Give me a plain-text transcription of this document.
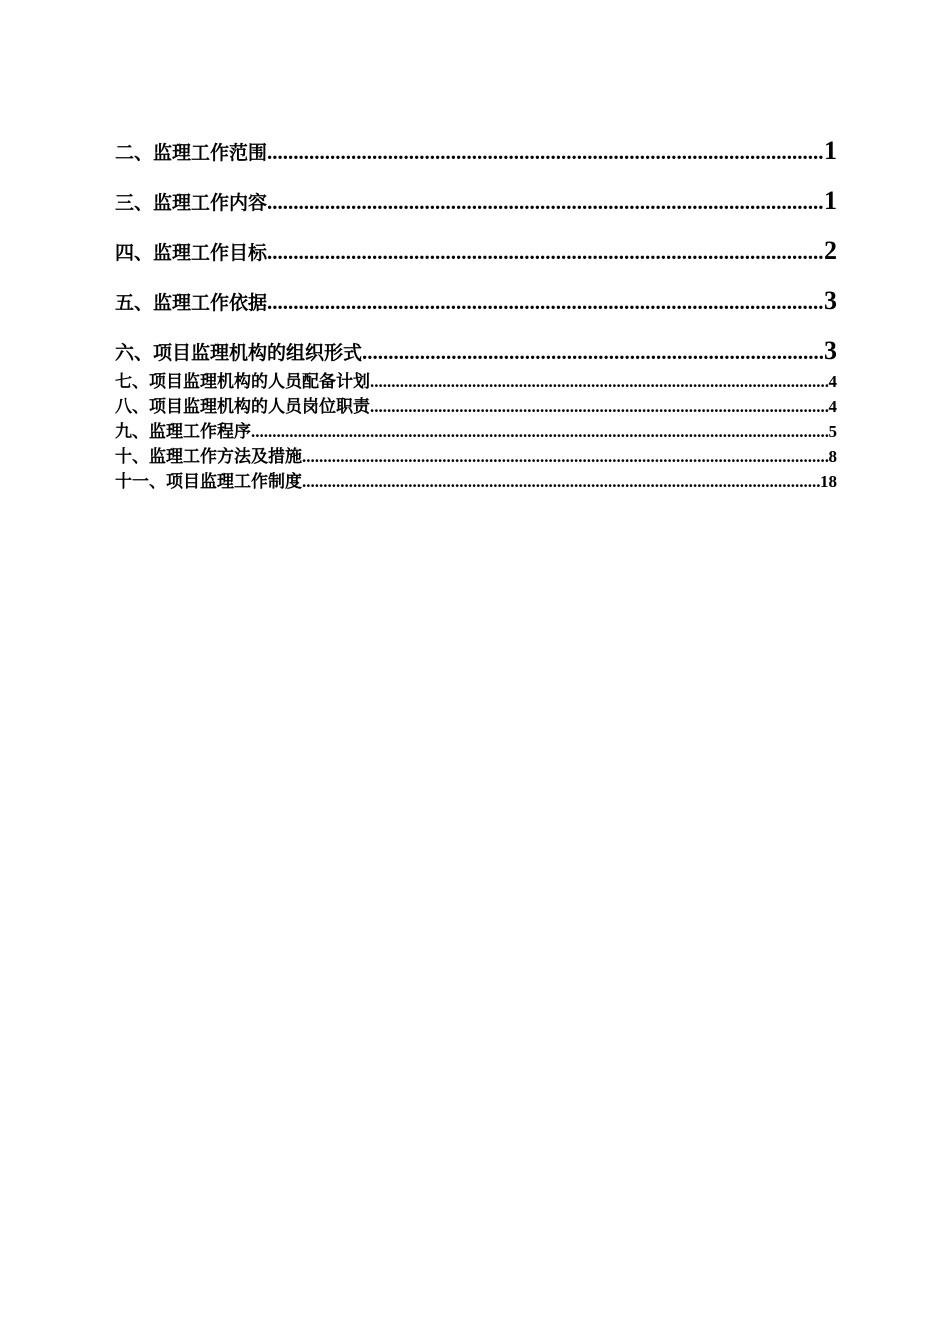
二、监理工作范围 .....	1
三、监理工作内容 .....	1
四、监理工作目标 .....	2
五、监理工作依据 .....	3
六、项目监理机构的组织形式 .....	3
七、项目监理机构的人员配备计划 .....	4
八、项目监理机构的人员岗位职责 .....	4
九、监理工作程序 .....	5
十、监理工作方法及措施 .....	8
十一、项目监理工作制度 .....	18
